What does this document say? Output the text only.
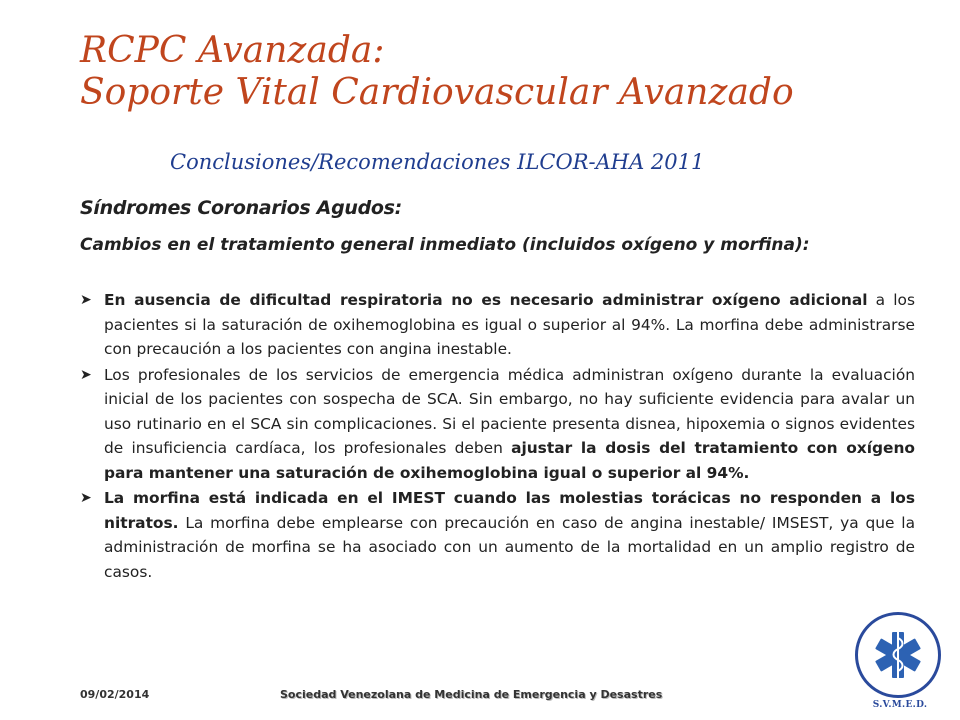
RCPC Avanzada:
Soporte Vital Cardiovascular Avanzado
Conclusiones/Recomendaciones ILCOR-AHA 2011
Síndromes Coronarios Agudos:
Cambios en el tratamiento general inmediato (incluidos oxígeno y morfina):
➤ En ausencia de dificultad respiratoria no es necesario administrar oxígeno adicional a los pacientes si la saturación de oxihemoglobina es igual o superior al 94%. La morfina debe administrarse con precaución a los pacientes con angina inestable.
➤ Los profesionales de los servicios de emergencia médica administran oxígeno durante la evaluación inicial de los pacientes con sospecha de SCA. Sin embargo, no hay suficiente evidencia para avalar un uso rutinario en el SCA sin complicaciones. Si el paciente presenta disnea, hipoxemia o signos evidentes de insuficiencia cardíaca, los profesionales deben ajustar la dosis del tratamiento con oxígeno para mantener una saturación de oxihemoglobina igual o superior al 94%.
➤ La morfina está indicada en el IMEST cuando las molestias torácicas no responden a los nitratos. La morfina debe emplearse con precaución en caso de angina inestable/ IMSEST, ya que la administración de morfina se ha asociado con un aumento de la mortalidad en un amplio registro de casos.
09/02/2014	Sociedad Venezolana de Medicina de Emergencia y Desastres
S.V.M.E.D.
